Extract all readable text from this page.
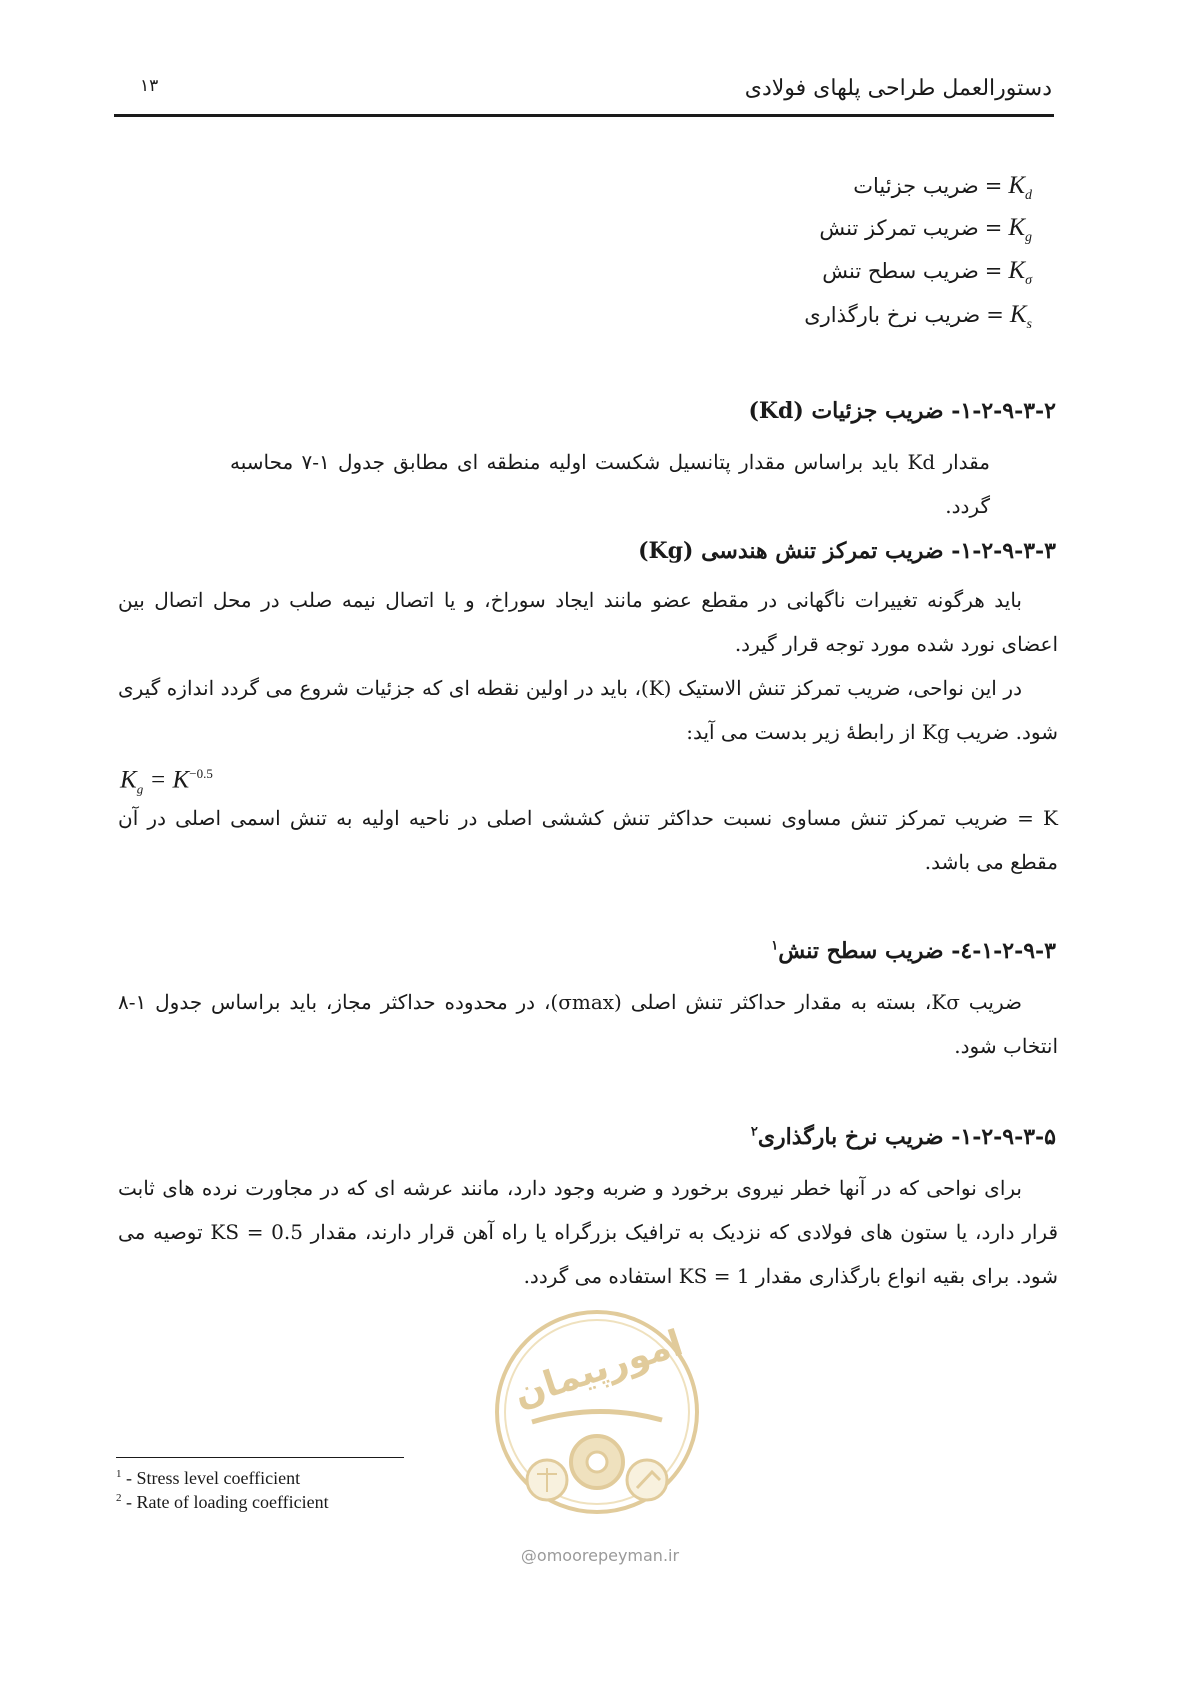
۱۳	دستورالعمل طراحی پلهای فولادی
$K_d=ضریب$ جزئیات
$K_g=ضریب$ تمرکز تنش
$K_\sigma=ضریب$ سطح تنش
$K_s=ضریب$ نرخ بارگذاری
۱-۲-۹-۳-۲- ضریب جزئیات (Kd)
مقدار Kd باید براساس مقدار پتانسیل شکست اولیه منطقه ای مطابق جدول ۱-۷ محاسبه گردد.
۱-۲-۹-۳-۳- ضریب تمرکز تنش هندسی (Kg)
باید هرگونه تغییرات ناگهانی در مقطع عضو مانند ایجاد سوراخ، و یا اتصال نیمه صلب در محل اتصال بین اعضای نورد شده مورد توجه قرار گیرد.
در این نواحی، ضریب تمرکز تنش الاستیک (K)، باید در اولین نقطه ای که جزئیات شروع می گردد اندازه گیری شود. ضریب Kg از رابطهٔ زیر بدست می آید:
$K_g = K^{-0.5}$
K = ضریب تمرکز تنش مساوی نسبت حداکثر تنش کششی اصلی در ناحیه اولیه به تنش اسمی اصلی در آن مقطع می باشد.
۱-۲-۹-۳-٤- ضریب سطح تنش$^۱$
ضریب Kσ، بسته به مقدار حداکثر تنش اصلی (σmax)، در محدوده حداکثر مجاز، باید براساس جدول ۱-۸ انتخاب شود.
۱-۲-۹-۳-۵- ضریب نرخ بارگذاری$^۲$
برای نواحی که در آنها خطر نیروی برخورد و ضربه وجود دارد، مانند عرشه ای که در مجاورت نرده های ثابت قرار دارد، یا ستون های فولادی که نزدیک به ترافیک بزرگراه یا راه آهن قرار دارند، مقدار KS = 0.5 توصیه می شود. برای بقیه انواع بارگذاری مقدار KS = 1 استفاده می گردد.
امورپیمان
@omoorepeyman.ir
$^1$ - Stress level coefficient
$^2$ - Rate of loading coefficient
